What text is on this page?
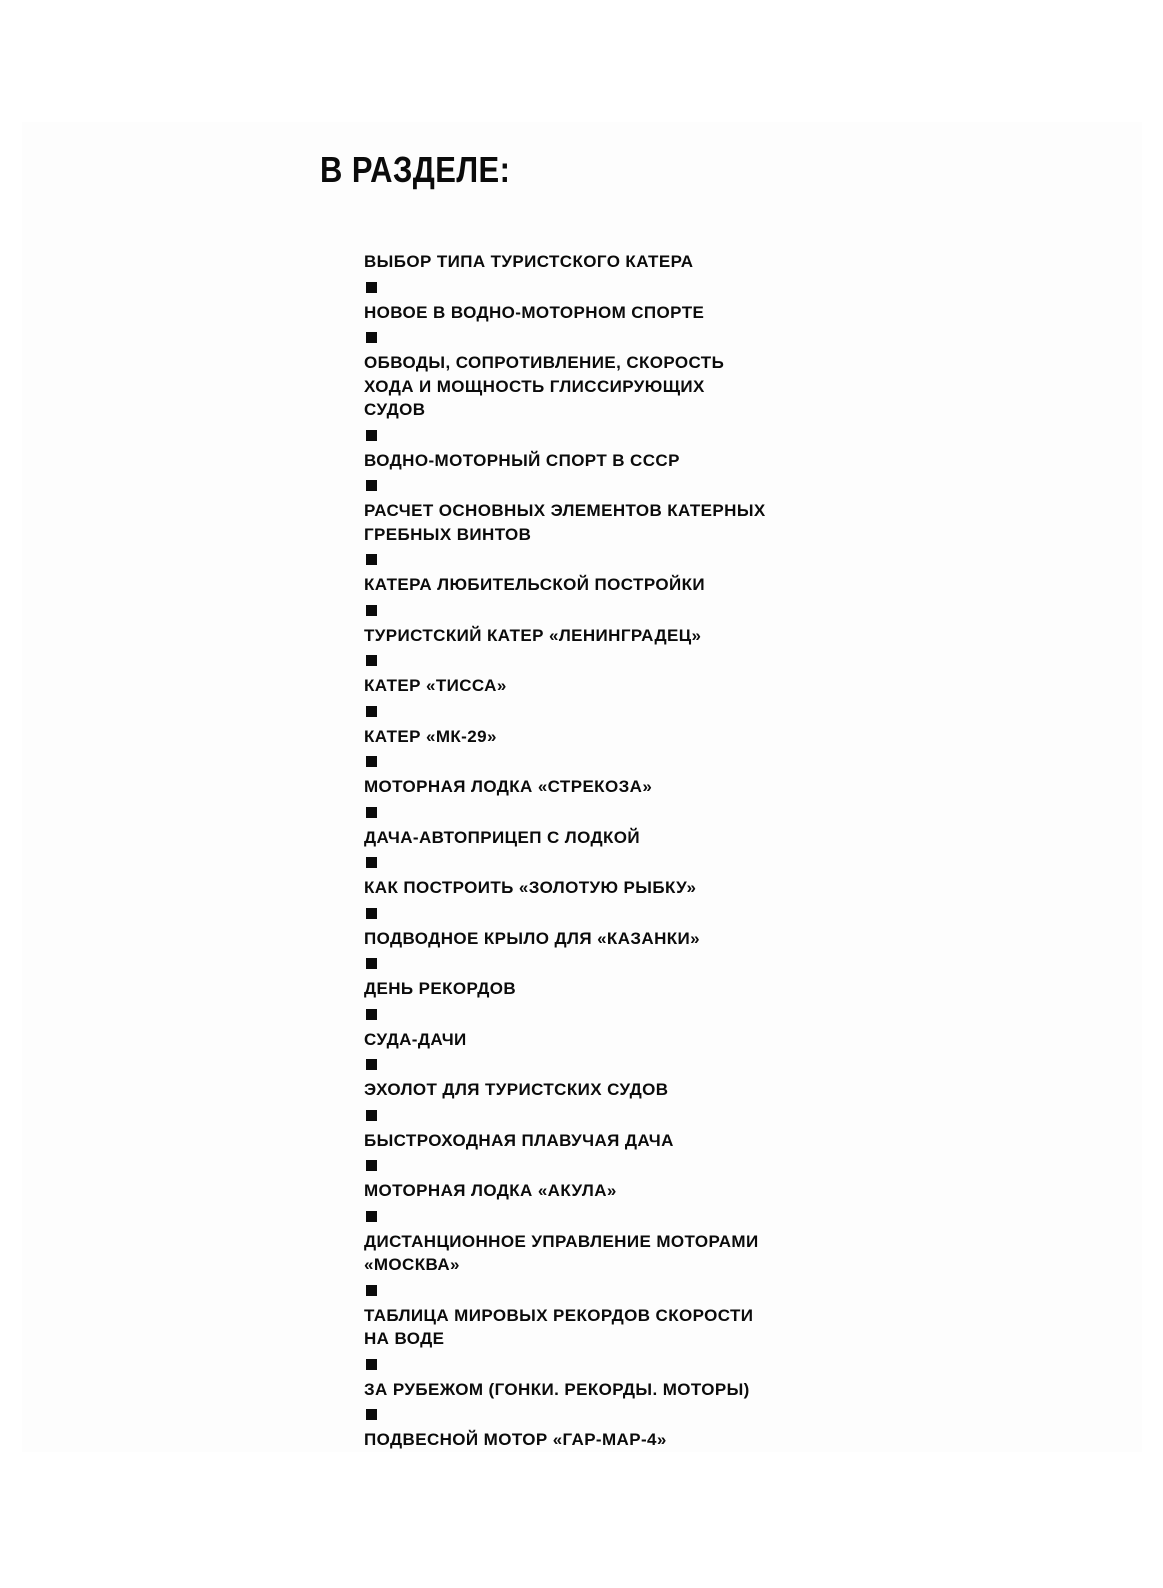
В РАЗДЕЛЕ:
ВЫБОР ТИПА ТУРИСТСКОГО КАТЕРА
НОВОЕ В ВОДНО-МОТОРНОМ СПОРТЕ
ОБВОДЫ, СОПРОТИВЛЕНИЕ, СКОРОСТЬ
ХОДА И МОЩНОСТЬ ГЛИССИРУЮЩИХ
СУДОВ
ВОДНО-МОТОРНЫЙ СПОРТ В СССР
РАСЧЕТ ОСНОВНЫХ ЭЛЕМЕНТОВ КАТЕРНЫХ
ГРЕБНЫХ ВИНТОВ
КАТЕРА ЛЮБИТЕЛЬСКОЙ ПОСТРОЙКИ
ТУРИСТСКИЙ КАТЕР «ЛЕНИНГРАДЕЦ»
КАТЕР «ТИССА»
КАТЕР «МК-29»
МОТОРНАЯ ЛОДКА «СТРЕКОЗА»
ДАЧА-АВТОПРИЦЕП С ЛОДКОЙ
КАК ПОСТРОИТЬ «ЗОЛОТУЮ РЫБКУ»
ПОДВОДНОЕ КРЫЛО ДЛЯ «КАЗАНКИ»
ДЕНЬ РЕКОРДОВ
СУДА-ДАЧИ
ЭХОЛОТ ДЛЯ ТУРИСТСКИХ СУДОВ
БЫСТРОХОДНАЯ ПЛАВУЧАЯ ДАЧА
МОТОРНАЯ ЛОДКА «АКУЛА»
ДИСТАНЦИОННОЕ УПРАВЛЕНИЕ МОТОРАМИ
«МОСКВА»
ТАБЛИЦА МИРОВЫХ РЕКОРДОВ СКОРОСТИ
НА ВОДЕ
ЗА РУБЕЖОМ (ГОНКИ. РЕКОРДЫ. МОТОРЫ)
ПОДВЕСНОЙ МОТОР «ГАР-МАР-4»
